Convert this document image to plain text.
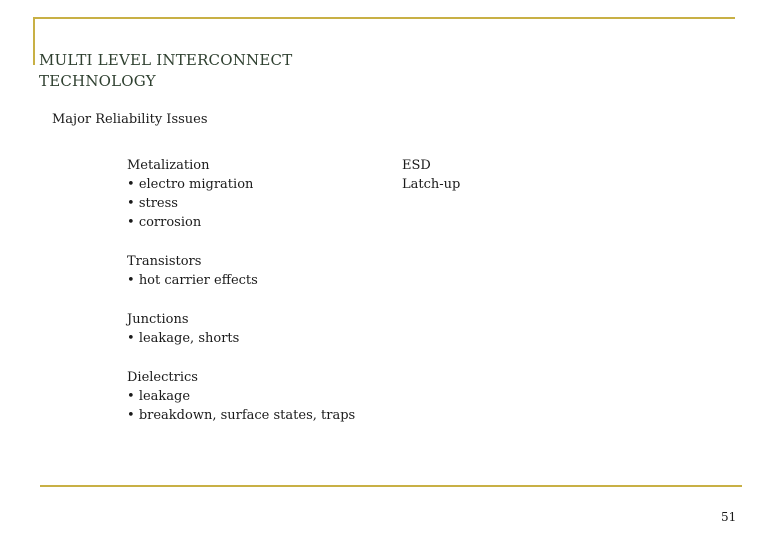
MULTI LEVEL INTERCONNECT
TECHNOLOGY
Major Reliability Issues
Metalization
• electro migration
• stress
• corrosion
Transistors
• hot carrier effects
Junctions
• leakage, shorts
Dielectrics
• leakage
• breakdown, surface states, traps
ESD
Latch-up
51
